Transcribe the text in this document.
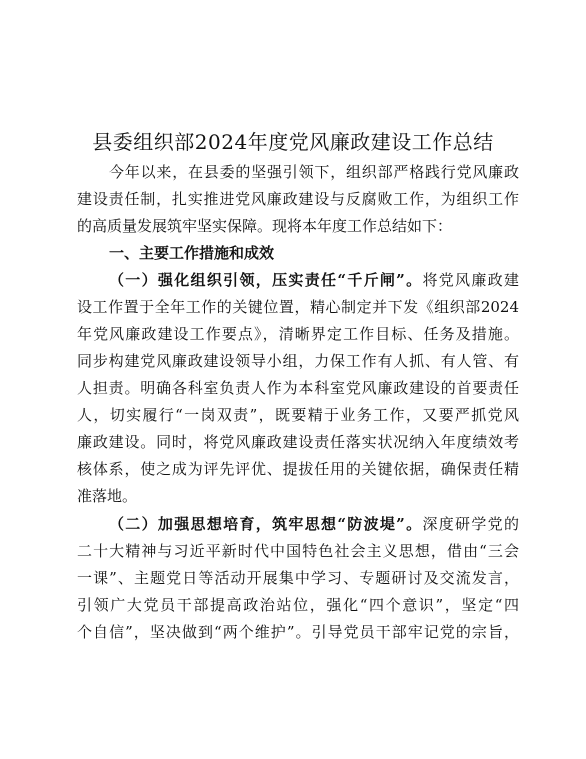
县委组织部2024年度党风廉政建设工作总结
今年以来，在县委的坚强引领下，组织部严格践行党风廉政
建设责任制，扎实推进党风廉政建设与反腐败工作，为组织工作
的高质量发展筑牢坚实保障。现将本年度工作总结如下：
一、主要工作措施和成效
（一）强化组织引领，压实责任“千斤闸”。将党风廉政建
设工作置于全年工作的关键位置，精心制定并下发《组织部2024
年党风廉政建设工作要点》，清晰界定工作目标、任务及措施。
同步构建党风廉政建设领导小组，力保工作有人抓、有人管、有
人担责。明确各科室负责人作为本科室党风廉政建设的首要责任
人，切实履行“一岗双责”，既要精于业务工作，又要严抓党风
廉政建设。同时，将党风廉政建设责任落实状况纳入年度绩效考
核体系，使之成为评先评优、提拔任用的关键依据，确保责任精
准落地。
（二）加强思想培育，筑牢思想“防波堤”。深度研学党的
二十大精神与习近平新时代中国特色社会主义思想，借由“三会
一课”、主题党日等活动开展集中学习、专题研讨及交流发言，
引领广大党员干部提高政治站位，强化“四个意识”，坚定“四
个自信”，坚决做到“两个维护”。引导党员干部牢记党的宗旨，
